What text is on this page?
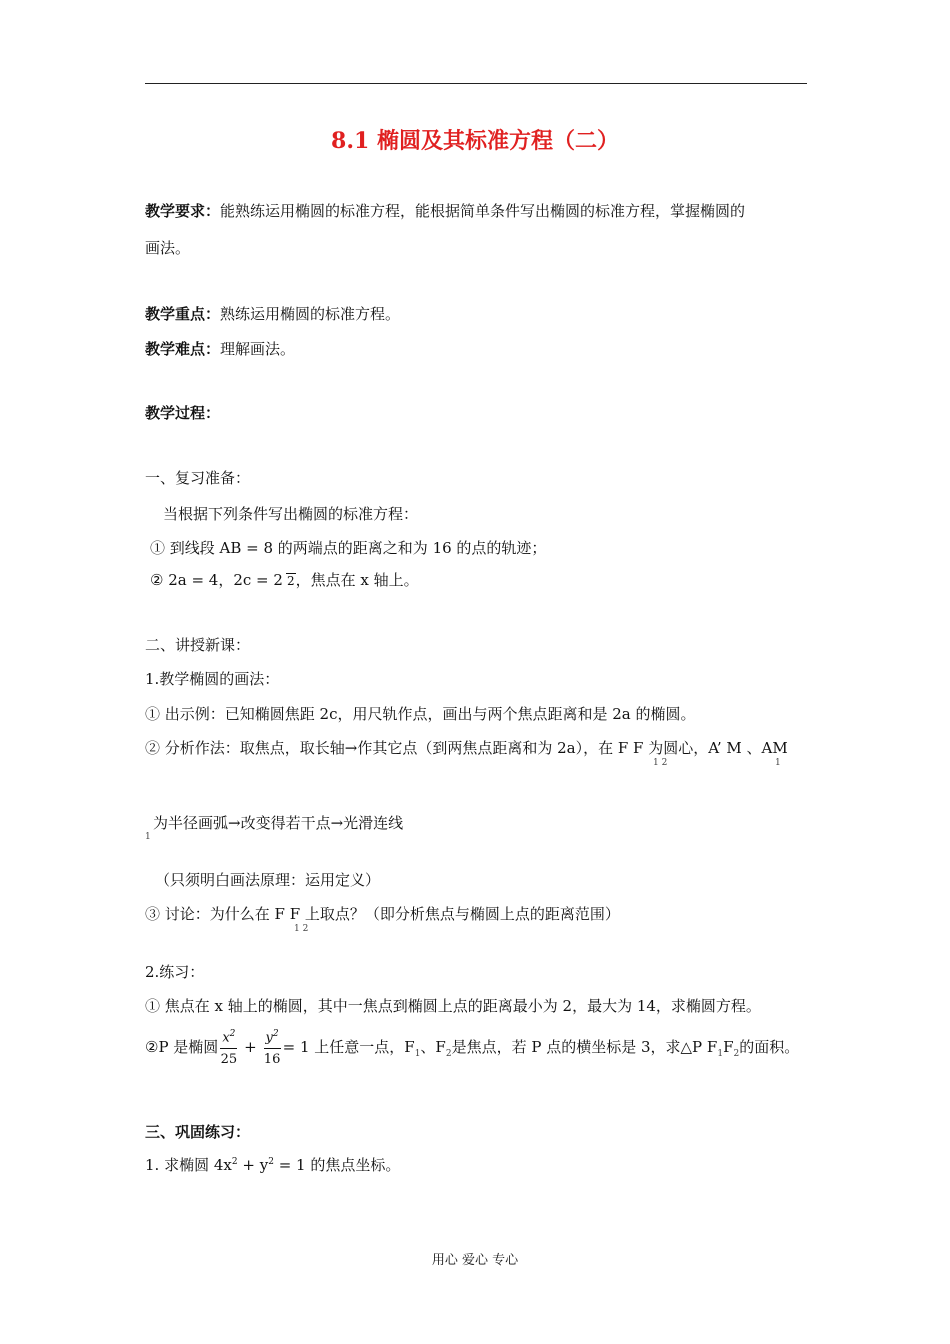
8.1 椭圆及其标准方程（二）
教学要求：能熟练运用椭圆的标准方程，能根据简单条件写出椭圆的标准方程，掌握椭圆的
画法。
教学重点：熟练运用椭圆的标准方程。
教学难点：理解画法。
教学过程：
一、复习准备：
当根据下列条件写出椭圆的标准方程：
① 到线段 AB = 8 的两端点的距离之和为 16 的点的轨迹；
② 2a = 4，2c = 2 2，焦点在 x 轴上。
二、讲授新课：
1.教学椭圆的画法：
① 出示例：已知椭圆焦距 2c，用尺轨作点，画出与两个焦点距离和是 2a 的椭圆。
② 分析作法：取焦点，取长轴→作其它点（到两焦点距离和为 2a），在 F F 为圆心，A’ M 、AM
1 2	1
为半径画弧→改变得若干点→光滑连线
1
（只须明白画法原理：运用定义）
③ 讨论：为什么在 F F 上取点？（即分析焦点与椭圆上点的距离范围）
1 2
2.练习：
① 焦点在 x 轴上的椭圆，其中一焦点到椭圆上点的距离最小为 2，最大为 14，求椭圆方程。
②P 是椭圆 $\frac{x^2}{25} + \frac{y^2}{16} = 1$ 上任意一点，$F_1$、$F_2$是焦点，若 P 点的横坐标是 3，求△P $F_1F_2$的面积。
三、巩固练习：
1. 求椭圆 $4x^2 + y^2 = 1$ 的焦点坐标。
用心 爱心 专心
